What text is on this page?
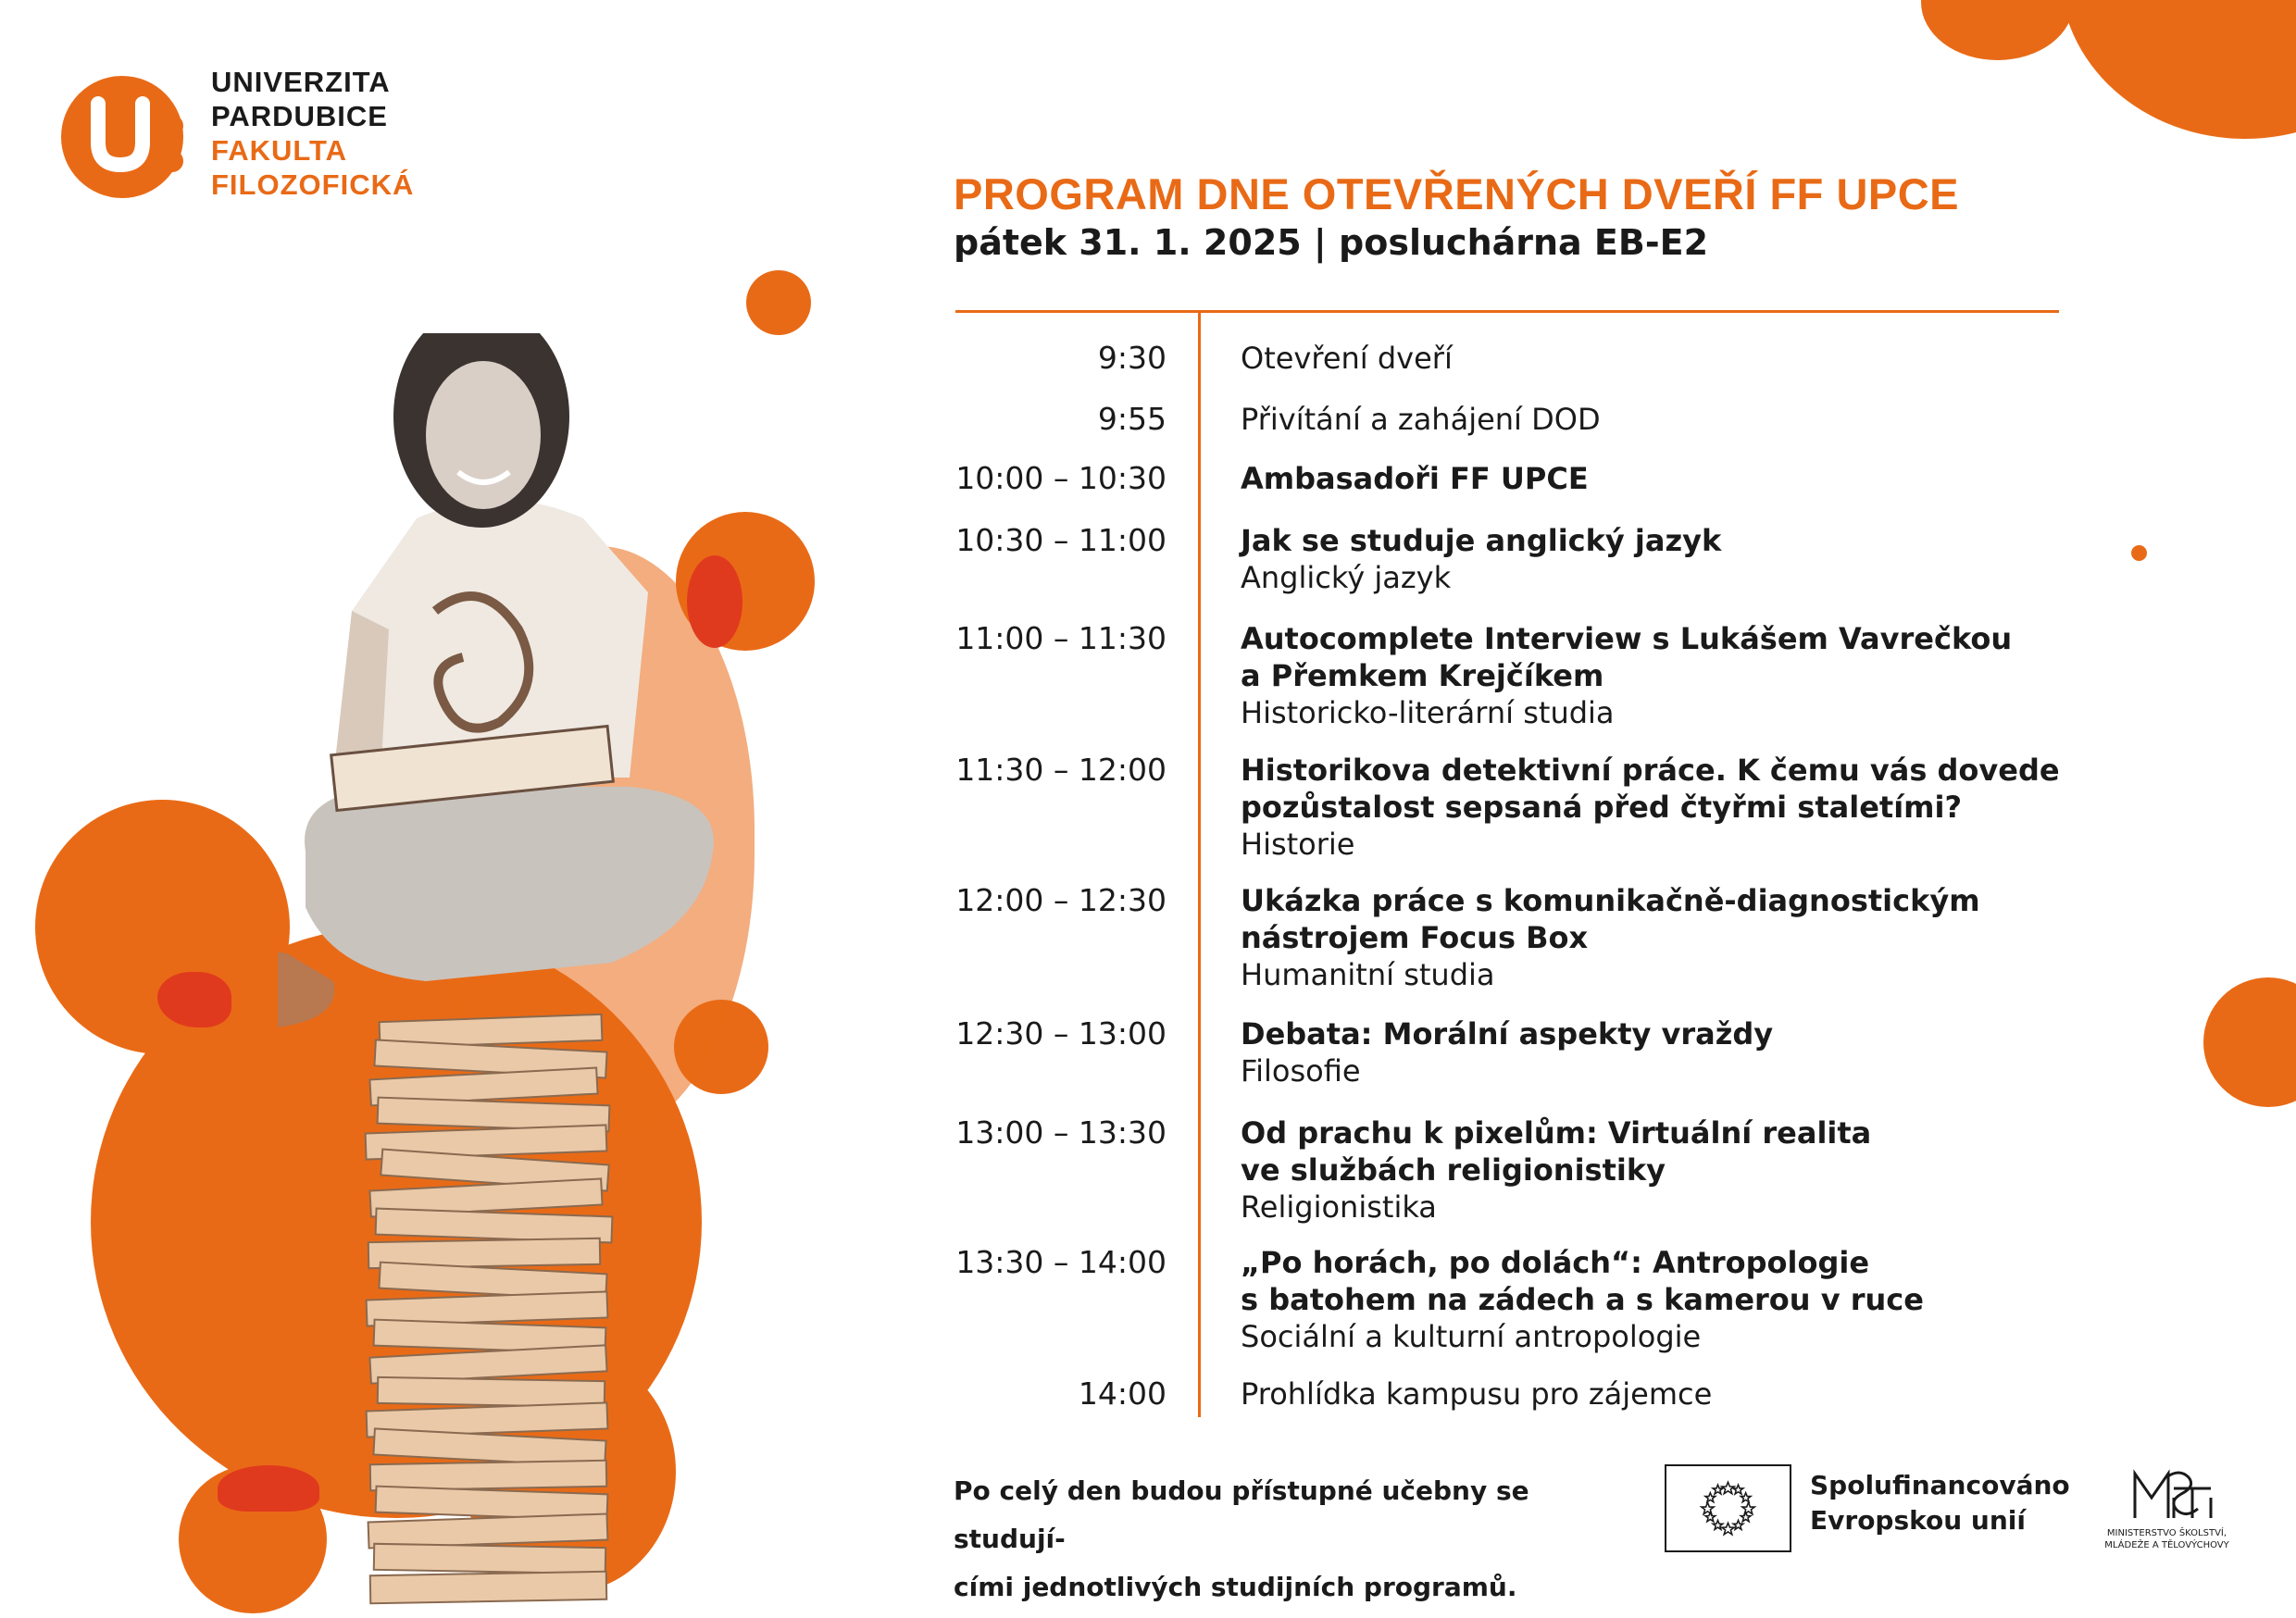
UNIVERZITA
PARDUBICE
FAKULTA
FILOZOFICKÁ	PROGRAM DNE OTEVŘENÝCH DVEŘÍ FF UPCE
pátek 31. 1. 2025 | posluchárna EB-E2
9:30	Otevření dveří
9:55	Přivítání a zahájení DOD
10:00 – 10:30	Ambasadoři FF UPCE
10:30 – 11:00	Jak se studuje anglický jazyk
Anglický jazyk
11:00 – 11:30	Autocomplete Interview s Lukášem Vavrečkou
a Přemkem Krejčíkem
Historicko-literární studia
11:30 – 12:00	Historikova detektivní práce. K čemu vás dovede
pozůstalost sepsaná před čtyřmi staletími?
Historie
12:00 – 12:30	Ukázka práce s komunikačně-diagnostickým
nástrojem Focus Box
Humanitní studia
12:30 – 13:00	Debata: Morální aspekty vraždy
Filosofie
13:00 – 13:30	Od prachu k pixelům: Virtuální realita
ve službách religionistiky
Religionistika
13:30 – 14:00	„Po horách, po dolách“: Antropologie
s batohem na zádech a s kamerou v ruce
Sociální a kulturní antropologie
14:00	Prohlídka kampusu pro zájemce
Po celý den budou přístupné učebny se studují-
cími jednotlivých studijních programů.
Spolufinancováno
Evropskou unií	MINISTERSTVO ŠKOLSTVÍ,
MLÁDEŽE A TĚLOVÝCHOVY
